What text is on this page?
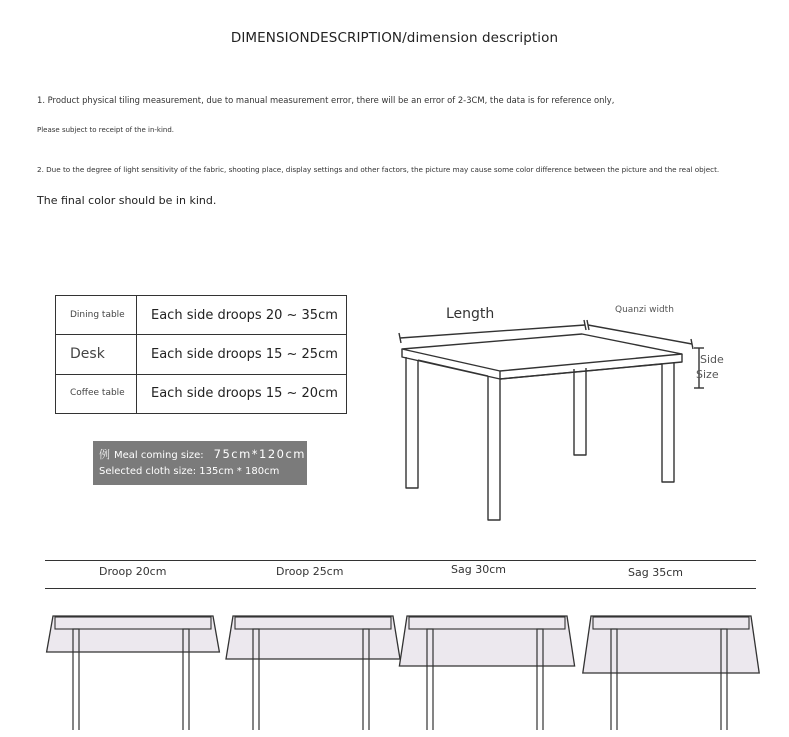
DIMENSIONDESCRIPTION/dimension description
1. Product physical tiling measurement, due to manual measurement error, there will be an error of 2-3CM, the data is for reference only,
Please subject to receipt of the in-kind.
2. Due to the degree of light sensitivity of the fabric, shooting place, display settings and other factors, the picture may cause some color difference between the picture and the real object.
The final color should be in kind.
Dining table	Each side droops 20 ~ 35cm
Desk	Each side droops 15 ~ 25cm
Coffee table	Each side droops 15 ~ 20cm
例 Meal coming size: 75cm*120cm
Selected cloth size: 135cm * 180cm
Length	Quanzi width
Side
Size
Droop 20cm	Droop 25cm	Sag 30cm	Sag 35cm
